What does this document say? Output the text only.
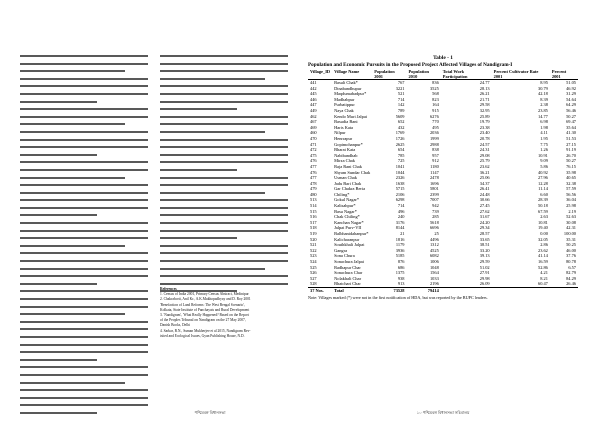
References
1. Census of India 2001, Primary Census Abstract, Medinipur
2. Chakraborti, Anil Kr., A.K.Mukhopadhyay and D. Roy 2001
'Benefaction of Land Reforms: The West Bengal Scenario',
Kolkata, State Institute of Panchayats and Rural Development
3. 'Nandigram', 'What Really Happened? Based on the Report
of the Peoples Tribunal on Nandigram on the 27 May 2007,
Danish Books, Delhi
4. Sarkar, B.N., Suman Mukherjee et al 2015, Nandigram Rev-
isited and Ecological Issues, Gyan Publishing House, N.D.
পশ্চিমবঙ্গ বিধানসভা
Table - 1
Population and Economic Pursuits in the Proposed Project Affected Villages of Nandigram-I
Village_ID	Village Name	Population 2001	Population 2010	Total Work Participation	Percent Cultivator Rate 2001	Percent 2001
441	Basuli Chak*	767	836	24.77	8.95	51.05
442	Dinabandhupur	3221	3525	28.13	30.79	46.92
445	Maqdumabadpur*	521	568	26.21	42.18	31.29
446	Madhabpur	714	823	21.71	8.39	54.64
447	Purbatippur	142	164	29.58	2.38	64.29
449	Naya Chak	789	915	32.95	23.85	56.46
462	Kendo Muri Jalpai	5609	6276	25.89	14.77	50.27
467	Basudia Bani	652	770	19.79	6.98	69.47
469	Haris Kata	432	495	23.38	1.98	35.64
460	Nilpur	1769	2036	23.40	4.11	41.30
470	Henrrapur	1726	1999	20.78	1.95	51.53
471	Gopimohanpur*	2625	2988	24.57	7.75	27.15
472	Bharat Kata	654	838	24.31	1.26	91.19
475	Nabibandhab	785	957	29.08	10.91	26.70
476	Mirza Chak	725	912	25.79	9.09	50.27
477	Raja Rani Chak	1041	1180	23.62	5.86	76.15
476	Shyam Sundar Chak	1044	1147	36.21	40.92	35.98
477	Usman Chak	2326	2478	25.06	27.96	40.65
478	Jadu Bari Chak	1638	1696	34.37	12.28	32.38
479	Gar Chakra Beria	5715	5801	26.41	11.14	57.59
480	Chiling*	2106	2399	24.48	6.60	56.56
513	Gokul Nagar*	6298	7007	30.66	28.39	36.04
514	Kalisahpur*	714	942	27.45	50.18	25.98
515	Basu Nagar*	496	739	27.62	67.59	2.19
516	Chak Chiling*	240	285	31.67	2.63	52.63
517	Kanchan Nagar*	3176	5618	24.20	10.81	30.08
518	Jalpai Purv-VII	8144	6696	29.34	19.40	42.31
519	Balbhanidahanpur*	21	25	28.57	0.00	100.00
520	Kalicharanpur	1816	4496	33.65	32.05	35.31
521	Southkhali Jalpai	1179	1312	38.51	2.86	50.25
522	Gangra	3936	4525	33.20	23.62	46.00
523	Sona Chura	5185	6082	39.13	41.14	37.76
524	Sonachura Jalpai	876	1006	29.59	16.59	80.78
525	Radhapur Char	686	1048	51.02	52.86	6.57
526	Sonachura Char	1375	1564	27.91	4.21	82.79
527	Nolakhali Char	938	1033	29.98	8.21	84.29
528	Bhatchari Char	913	2196	26.09	60.47	26.46
37 Nos.	Total	73528	79414			
Note: Villages marked (*) were not in the first notification of HDA, but was reported by the BUPC leaders.
১০ পশ্চিমবঙ্গ বিধানসভা সচিবালয়
